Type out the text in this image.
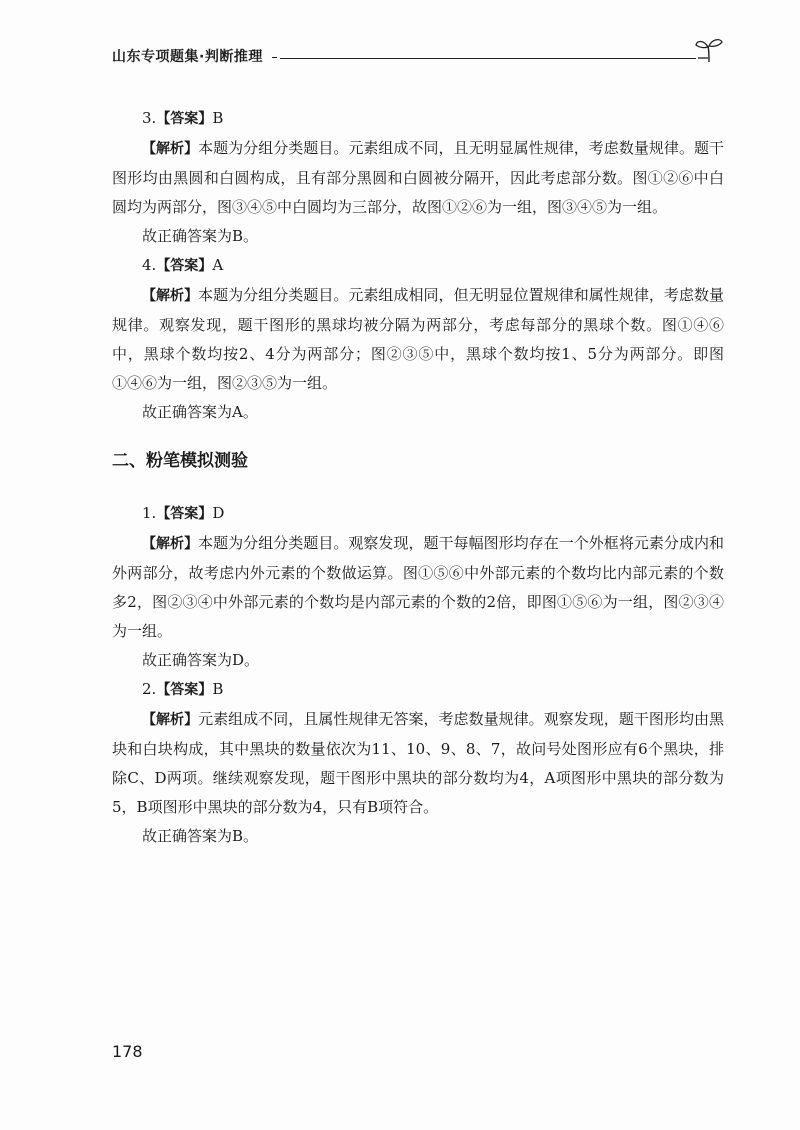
山东专项题集·判断推理

3.【答案】B

【解析】本题为分组分类题目。元素组成不同，且无明显属性规律，考虑数量规律。题干图形均由黑圆和白圆构成，且有部分黑圆和白圆被分隔开，因此考虑部分数。图①②⑥中白圆均为两部分，图③④⑤中白圆均为三部分，故图①②⑥为一组，图③④⑤为一组。

故正确答案为B。

4.【答案】A

【解析】本题为分组分类题目。元素组成相同，但无明显位置规律和属性规律，考虑数量规律。观察发现，题干图形的黑球均被分隔为两部分，考虑每部分的黑球个数。图①④⑥中，黑球个数均按2、4分为两部分；图②③⑤中，黑球个数均按1、5分为两部分。即图①④⑥为一组，图②③⑤为一组。

故正确答案为A。

二、粉笔模拟测验

1.【答案】D

【解析】本题为分组分类题目。观察发现，题干每幅图形均存在一个外框将元素分成内和外两部分，故考虑内外元素的个数做运算。图①⑤⑥中外部元素的个数均比内部元素的个数多2，图②③④中外部元素的个数均是内部元素的个数的2倍，即图①⑤⑥为一组，图②③④为一组。

故正确答案为D。

2.【答案】B

【解析】元素组成不同，且属性规律无答案，考虑数量规律。观察发现，题干图形均由黑块和白块构成，其中黑块的数量依次为11、10、9、8、7，故问号处图形应有6个黑块，排除C、D两项。继续观察发现，题干图形中黑块的部分数均为4，A项图形中黑块的部分数为5，B项图形中黑块的部分数为4，只有B项符合。

故正确答案为B。

178
